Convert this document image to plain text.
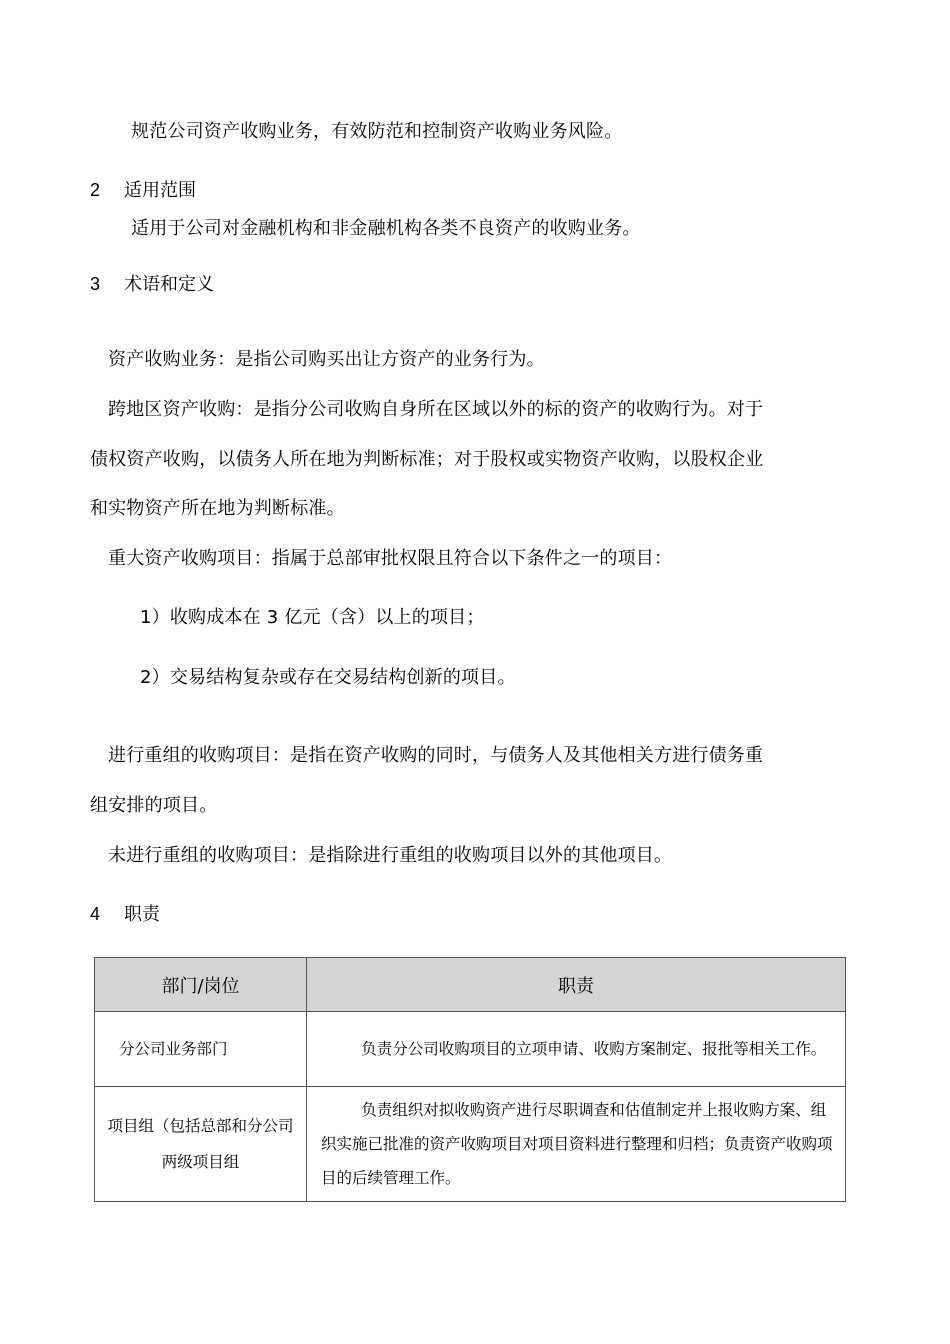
规范公司资产收购业务，有效防范和控制资产收购业务风险。
2 适用范围
适用于公司对金融机构和非金融机构各类不良资产的收购业务。
3 术语和定义
资产收购业务：是指公司购买出让方资产的业务行为。
跨地区资产收购：是指分公司收购自身所在区域以外的标的资产的收购行为。对于
债权资产收购，以债务人所在地为判断标准；对于股权或实物资产收购，以股权企业
和实物资产所在地为判断标准。
重大资产收购项目：指属于总部审批权限且符合以下条件之一的项目：
1）收购成本在 3 亿元（含）以上的项目；
2）交易结构复杂或存在交易结构创新的项目。
进行重组的收购项目：是指在资产收购的同时，与债务人及其他相关方进行债务重
组安排的项目。
未进行重组的收购项目：是指除进行重组的收购项目以外的其他项目。
4 职责
部门/岗位	职责
分公司业务部门	负责分公司收购项目的立项申请、收购方案制定、报批等相关工作。
项目组（包括总部和分公司两级项目组	负责组织对拟收购资产进行尽职调查和估值制定并上报收购方案、组织实施已批准的资产收购项目对项目资料进行整理和归档；负责资产收购项目的后续管理工作。
